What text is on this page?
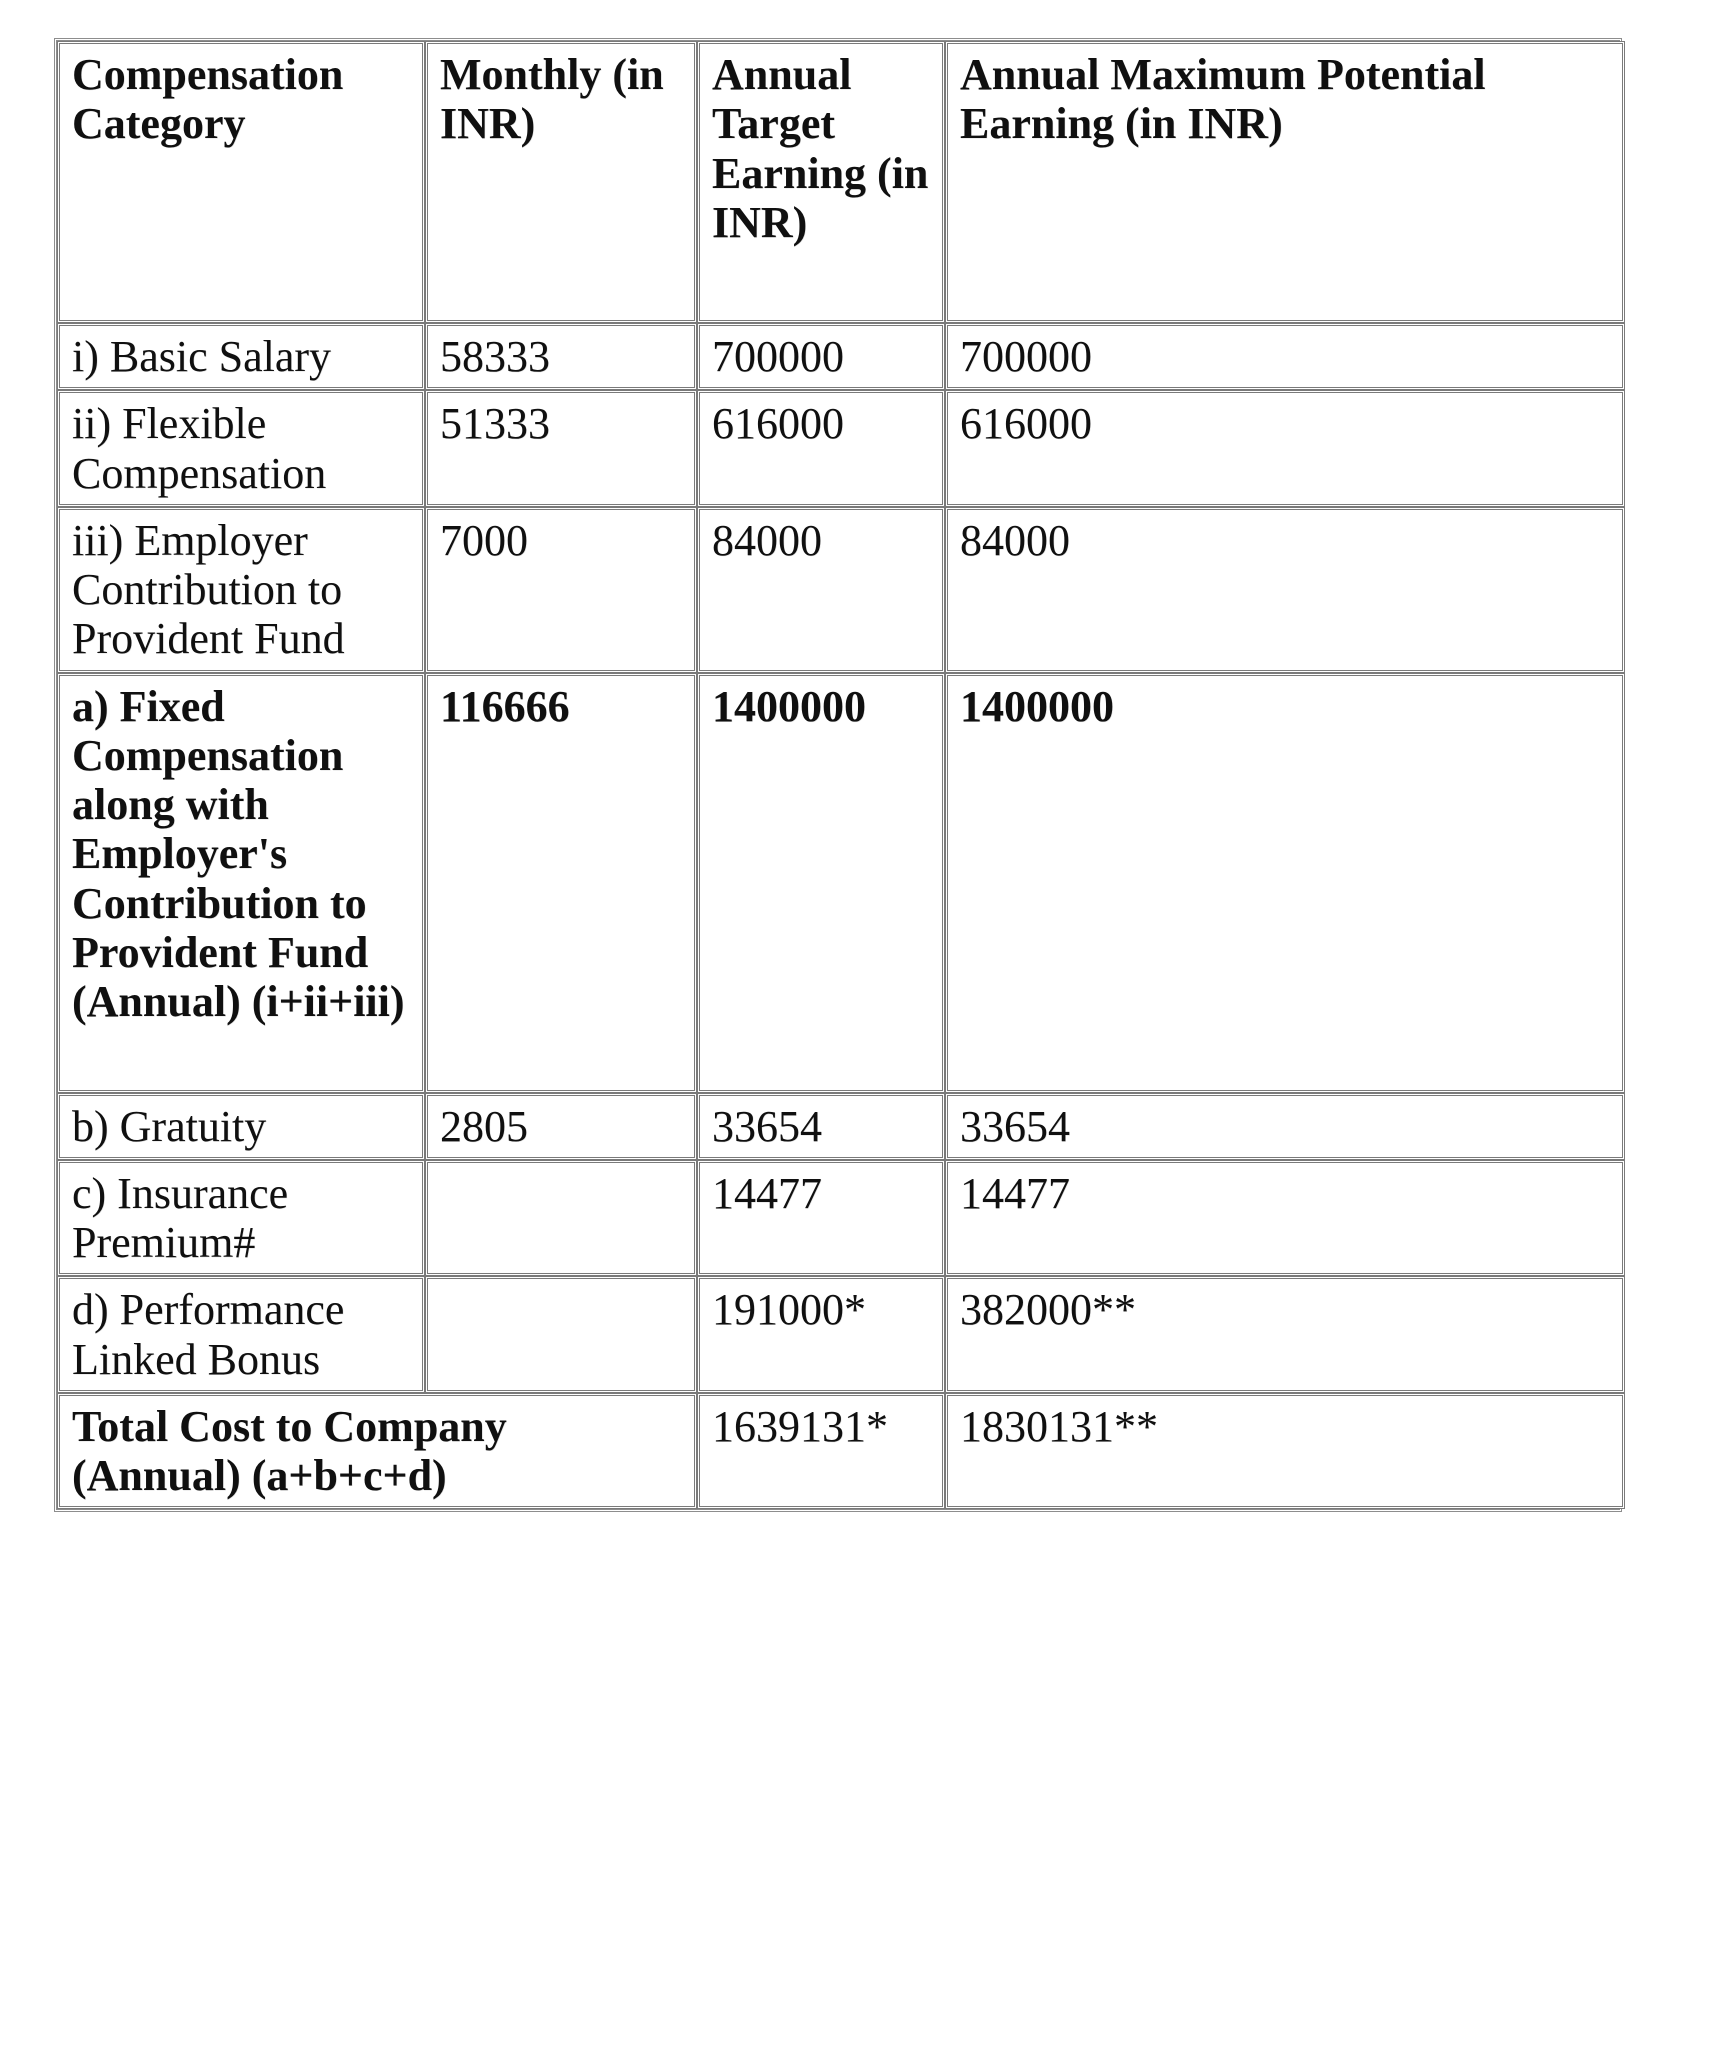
Compensation Category	Monthly (in INR)	Annual Target Earning (in INR)	Annual Maximum Potential Earning (in INR)
i) Basic Salary	58333	700000	700000
ii) Flexible Compensation	51333	616000	616000
iii) Employer Contribution to Provident Fund	7000	84000	84000
a) Fixed Compensation along with Employer's Contribution to Provident Fund (Annual) (i+ii+iii)	116666	1400000	1400000
b) Gratuity	2805	33654	33654
c) Insurance Premium#		14477	14477
d) Performance Linked Bonus		191000*	382000**
Total Cost to Company (Annual) (a+b+c+d)		1639131*	1830131**
